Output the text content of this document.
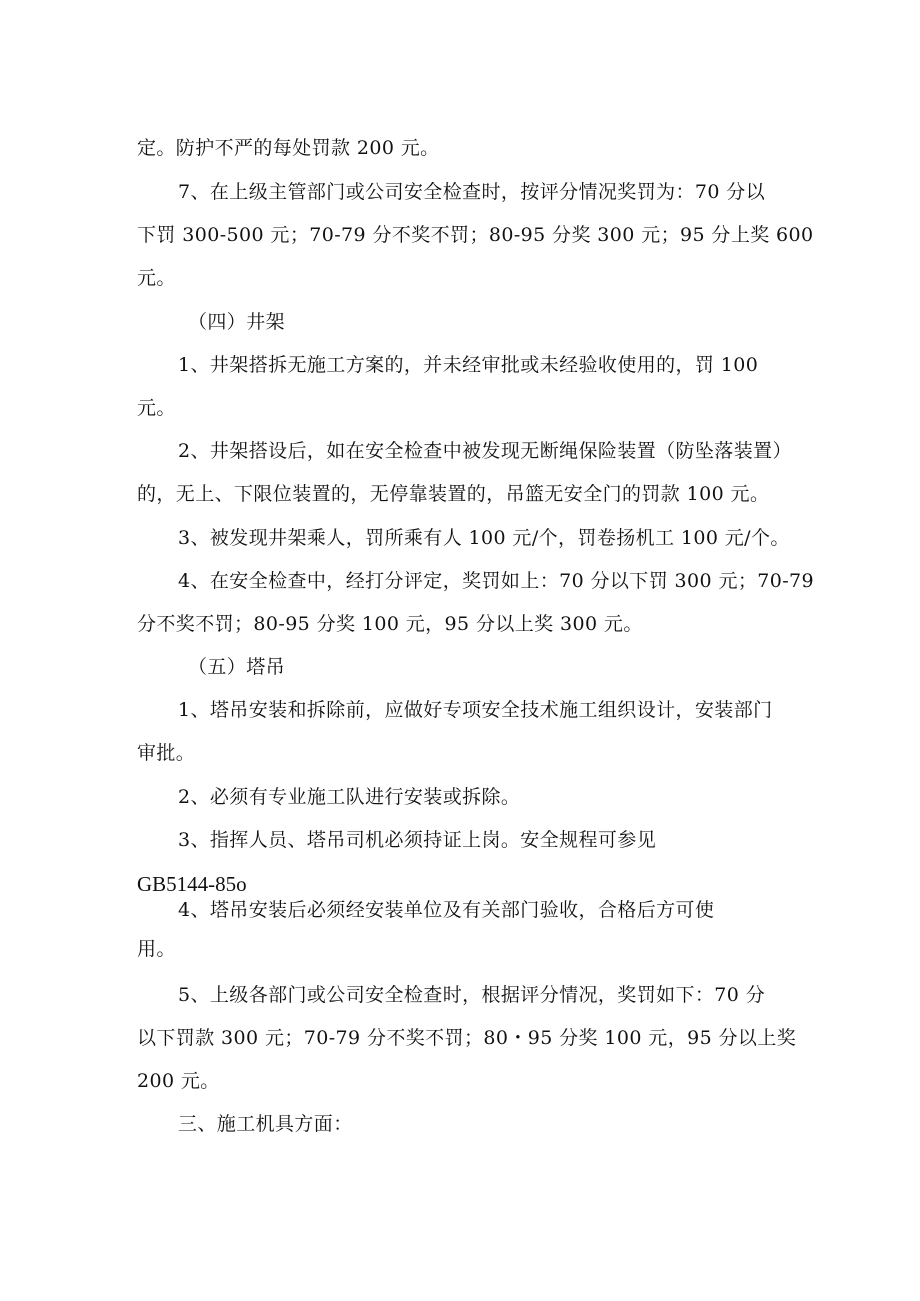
定。防护不严的每处罚款 200 元。
7、在上级主管部门或公司安全检查时，按评分情况奖罚为：70 分以
下罚 300-500 元；70-79 分不奖不罚；80-95 分奖 300 元；95 分上奖 600
元。
（四）井架
1、井架搭拆无施工方案的，并未经审批或未经验收使用的，罚 100
元。
2、井架搭设后，如在安全检查中被发现无断绳保险装置（防坠落装置）
的，无上、下限位装置的，无停靠装置的，吊篮无安全门的罚款 100 元。
3、被发现井架乘人，罚所乘有人 100 元/个，罚卷扬机工 100 元/个。
4、在安全检查中，经打分评定，奖罚如上：70 分以下罚 300 元；70-79
分不奖不罚；80-95 分奖 100 元，95 分以上奖 300 元。
（五）塔吊
1、塔吊安装和拆除前，应做好专项安全技术施工组织设计，安装部门
审批。
2、必须有专业施工队进行安装或拆除。
3、指挥人员、塔吊司机必须持证上岗。安全规程可参见
GB5144-85o
4、塔吊安装后必须经安装单位及有关部门验收，合格后方可使
用。
5、上级各部门或公司安全检查时，根据评分情况，奖罚如下：70 分
以下罚款 300 元；70-79 分不奖不罚；80・95 分奖 100 元，95 分以上奖
200 元。
三、施工机具方面：
